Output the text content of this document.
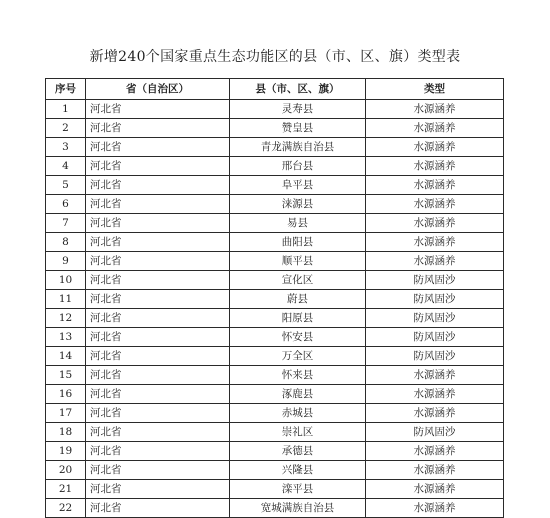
新增240个国家重点生态功能区的县（市、区、旗）类型表
序号	省（自治区）	县（市、区、旗）	类型
1	河北省	灵寿县	水源涵养
2	河北省	赞皇县	水源涵养
3	河北省	青龙满族自治县	水源涵养
4	河北省	邢台县	水源涵养
5	河北省	阜平县	水源涵养
6	河北省	涞源县	水源涵养
7	河北省	易县	水源涵养
8	河北省	曲阳县	水源涵养
9	河北省	顺平县	水源涵养
10	河北省	宣化区	防风固沙
11	河北省	蔚县	防风固沙
12	河北省	阳原县	防风固沙
13	河北省	怀安县	防风固沙
14	河北省	万全区	防风固沙
15	河北省	怀来县	水源涵养
16	河北省	涿鹿县	水源涵养
17	河北省	赤城县	水源涵养
18	河北省	崇礼区	防风固沙
19	河北省	承德县	水源涵养
20	河北省	兴隆县	水源涵养
21	河北省	滦平县	水源涵养
22	河北省	宽城满族自治县	水源涵养
